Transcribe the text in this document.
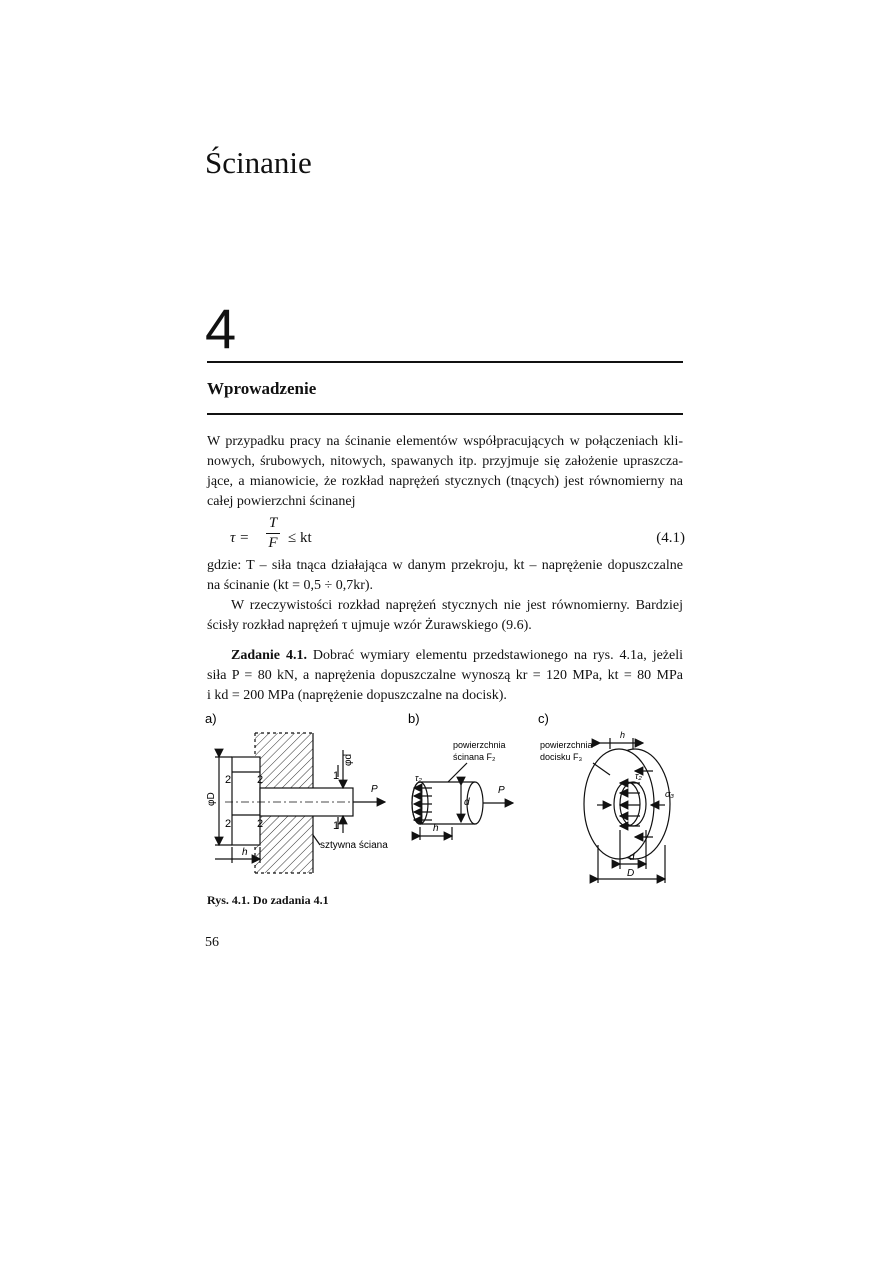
Ścinanie
4
Wprowadzenie
W przypadku pracy na ścinanie elementów współpracujących w połączeniach kli-
nowych, śrubowych, nitowych, spawanych itp. przyjmuje się założenie upraszcza-
jące, a mianowicie, że rozkład naprężeń stycznych (tnących) jest równomierny na
całej powierzchni ścinanej
τ =
T
F ≤ kt	(4.1)
gdzie: T – siła tnąca działająca w danym przekroju, kt – naprężenie dopuszczalne
na ścinanie (kt = 0,5 ÷ 0,7kr).
W rzeczywistości rozkład naprężeń stycznych nie jest równomierny. Bardziej
ścisły rozkład naprężeń τ ujmuje wzór Żurawskiego (9.6).
Zadanie 4.1. Dobrać wymiary elementu przedstawionego na rys. 4.1a, jeżeli
siła P = 80 kN, a naprężenia dopuszczalne wynoszą kr = 120 MPa, kt = 80 MPa
i kd = 200 MPa (naprężenie dopuszczalne na docisk).
a)
φD
φd
1
1
2
2
2
2
h
P
sztywna ściana
b)
powierzchnia
ścinana F₂
τ₂
d
h
P
c)
powierzchnia
docisku F₃
h
τ₂
σ₃
d
D
Rys. 4.1. Do zadania 4.1
56
